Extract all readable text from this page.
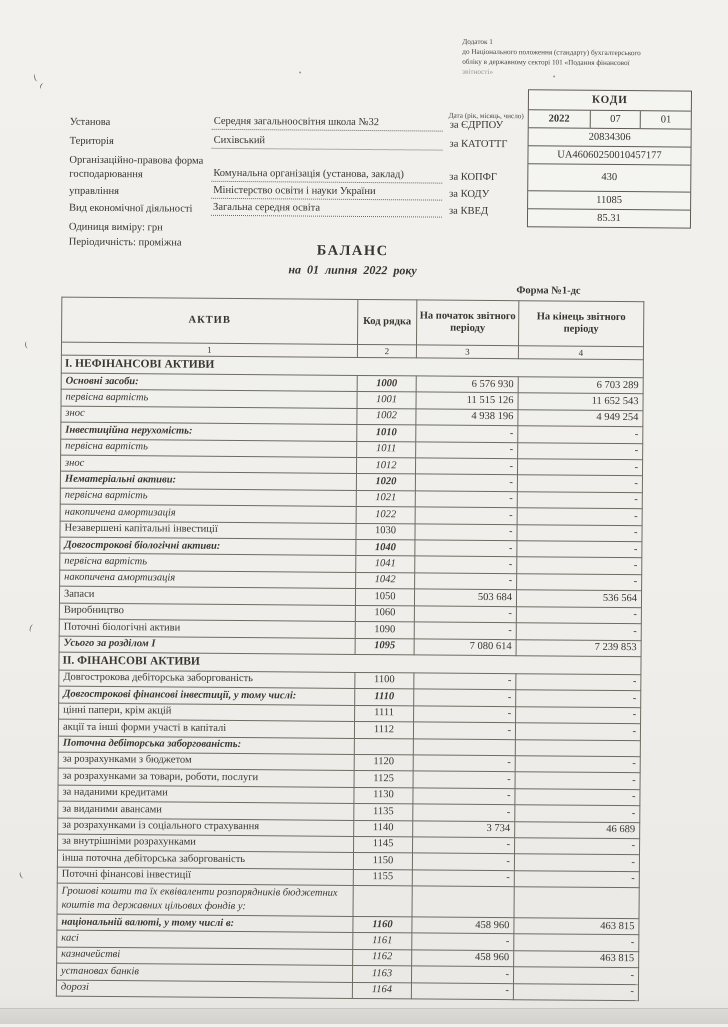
Додаток 1
до Національного положення (стандарту) бухгалтерського
обліку в державному секторі 101 «Подання фінансової
звітності»
Дата (рік, місяць, число)
КОДИ
2022	07	01
20834306
UA46060250010457177
430
11085
85.31
Установа	Середня загальноосвітня школа №32	за ЄДРПОУ
Територія	Сихівський	за КАТОТТГ
Організаційно-правова форма господарювання	Комунальна організація (установа, заклад)	за КОПФГ
управління	Міністерство освіти і науки України	за КОДУ
Вид економічної діяльності	Загальна середня освіта	за КВЕД
Одиниця виміру: грн
Періодичність: проміжна
БАЛАНС
на 01 липня 2022 року
Форма №1-дс
АКТИВ	Код рядка	На початок звітного періоду	На кінець звітного періоду
1	2	3	4
І. НЕФІНАНСОВІ АКТИВИ			
Основні засоби:	1000	6 576 930	6 703 289
первісна вартість	1001	11 515 126	11 652 543
знос	1002	4 938 196	4 949 254
Інвестиційна нерухомість:	1010	-	-
первісна вартість	1011	-	-
знос	1012	-	-
Нематеріальні активи:	1020	-	-
первісна вартість	1021	-	-
накопичена амортизація	1022	-	-
Незавершені капітальні інвестиції	1030	-	-
Довгострокові біологічні активи:	1040	-	-
первісна вартість	1041	-	-
накопичена амортизація	1042	-	-
Запаси	1050	503 684	536 564
Виробництво	1060	-	-
Поточні біологічні активи	1090	-	-
Усього за розділом І	1095	7 080 614	7 239 853
ІІ. ФІНАНСОВІ АКТИВИ			
Довгострокова дебіторська заборгованість	1100	-	-
Довгострокові фінансові інвестиції, у тому числі:	1110	-	-
цінні папери, крім акцій	1111	-	-
акції та інші форми участі в капіталі	1112	-	-
Поточна дебіторська заборгованість:			
за розрахунками з бюджетом	1120	-	-
за розрахунками за товари, роботи, послуги	1125	-	-
за наданими кредитами	1130	-	-
за виданими авансами	1135	-	-
за розрахунками із соціального страхування	1140	3 734	46 689
за внутрішніми розрахунками	1145	-	-
інша поточна дебіторська заборгованість	1150	-	-
Поточні фінансові інвестиції	1155	-	-
Грошові кошти та їх еквіваленти розпорядників бюджетних коштів та державних цільових фондів у:			
національній валюті, у тому числі в:	1160	458 960	463 815
касі	1161	-	-
казначействі	1162	458 960	463 815
установах банків	1163	-	-
дорозі	1164	-	-
